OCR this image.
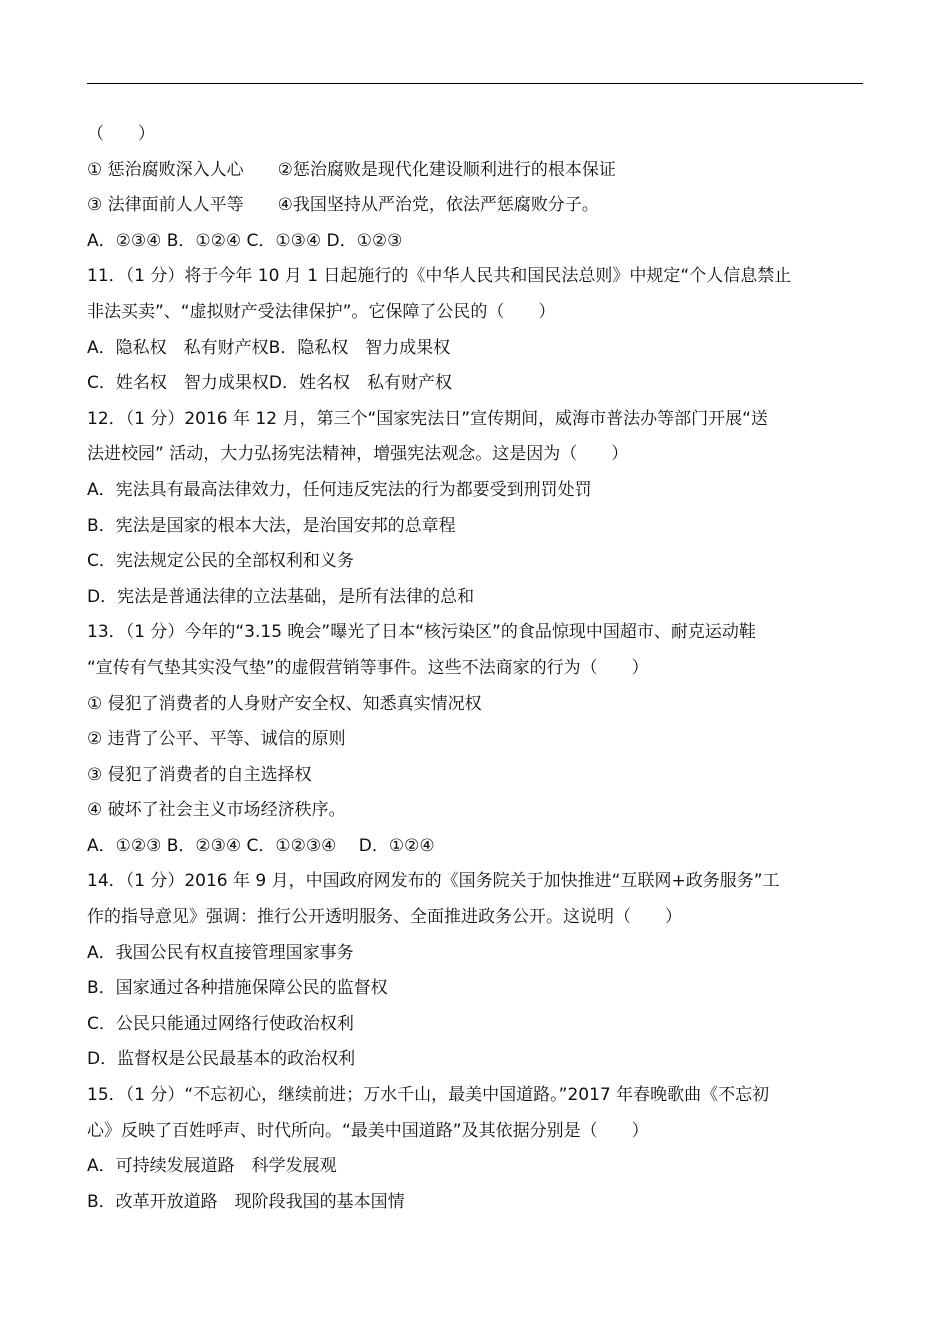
（　　）
① 惩治腐败深入人心　　②惩治腐败是现代化建设顺利进行的根本保证
③ 法律面前人人平等　　④我国坚持从严治党，依法严惩腐败分子。
A．②③④ B．①②④ C．①③④ D．①②③
11．（1 分）将于今年 10 月 1 日起施行的《中华人民共和国民法总则》中规定“个人信息禁止
非法买卖”、“虚拟财产受法律保护”。它保障了公民的（　　）
A．隐私权　私有财产权B．隐私权　智力成果权
C．姓名权　智力成果权D．姓名权　私有财产权
12．（1 分）2016 年 12 月，第三个“国家宪法日”宣传期间，威海市普法办等部门开展“送
法进校园” 活动，大力弘扬宪法精神，增强宪法观念。这是因为（　　）
A．宪法具有最高法律效力，任何违反宪法的行为都要受到刑罚处罚
B．宪法是国家的根本大法，是治国安邦的总章程
C．宪法规定公民的全部权利和义务
D．宪法是普通法律的立法基础，是所有法律的总和
13．（1 分）今年的“3.15 晚会”曝光了日本“核污染区”的食品惊现中国超市、耐克运动鞋
“宣传有气垫其实没气垫”的虚假营销等事件。这些不法商家的行为（　　）
① 侵犯了消费者的人身财产安全权、知悉真实情况权
② 违背了公平、平等、诚信的原则
③ 侵犯了消费者的自主选择权
④ 破坏了社会主义市场经济秩序。
A．①②③ B．②③④ C．①②③④　 D．①②④
14．（1 分）2016 年 9 月，中国政府网发布的《国务院关于加快推进“互联网+政务服务”工
作的指导意见》强调：推行公开透明服务、全面推进政务公开。这说明（　　）
A．我国公民有权直接管理国家事务
B．国家通过各种措施保障公民的监督权
C．公民只能通过网络行使政治权利
D．监督权是公民最基本的政治权利
15．（1 分）“不忘初心，继续前进；万水千山，最美中国道路。”2017 年春晚歌曲《不忘初
心》反映了百姓呼声、时代所向。“最美中国道路”及其依据分别是（　　）
A．可持续发展道路　科学发展观
B．改革开放道路　现阶段我国的基本国情
